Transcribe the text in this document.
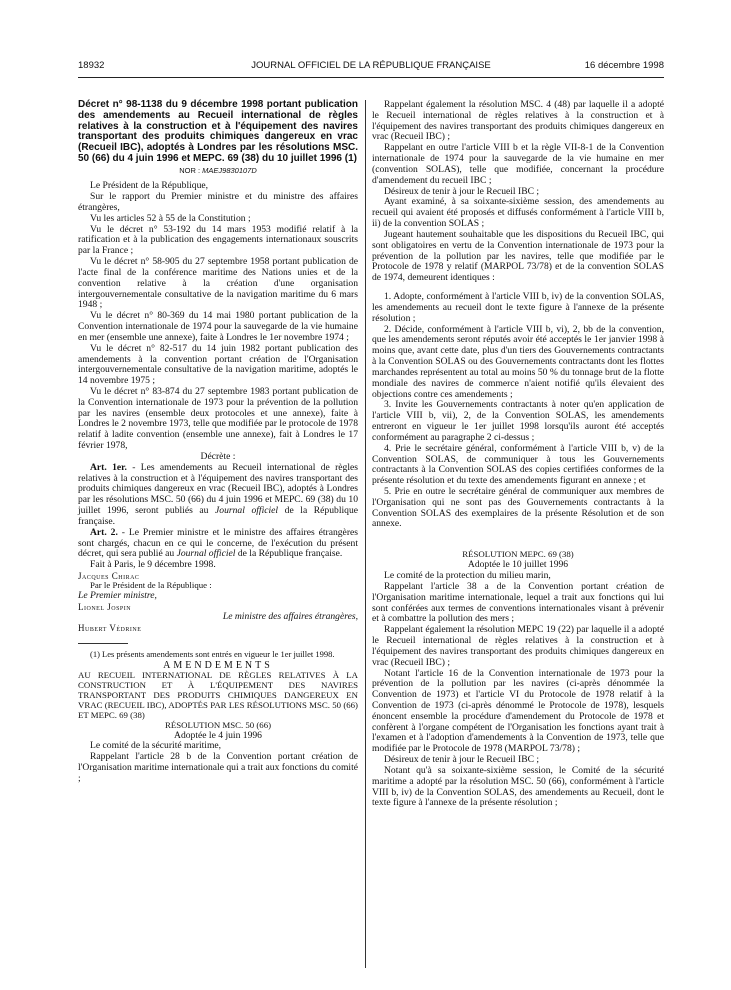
18932	JOURNAL OFFICIEL DE LA RÉPUBLIQUE FRANÇAISE	16 décembre 1998
Décret n° 98-1138 du 9 décembre 1998 portant publication des amendements au Recueil international de règles relatives à la construction et à l'équipement des navires transportant des produits chimiques dangereux en vrac (Recueil IBC), adoptés à Londres par les résolutions MSC. 50 (66) du 4 juin 1996 et MEPC. 69 (38) du 10 juillet 1996 (1)
NOR : MAEJ9830107D

Le Président de la République,

Sur le rapport du Premier ministre et du ministre des affaires étrangères,

Vu les articles 52 à 55 de la Constitution ;

Vu le décret n° 53-192 du 14 mars 1953 modifié relatif à la ratification et à la publication des engagements internationaux souscrits par la France ;

Vu le décret n° 58-905 du 27 septembre 1958 portant publication de l'acte final de la conférence maritime des Nations unies et de la convention relative à la création d'une organisation intergouvernementale consultative de la navigation maritime du 6 mars 1948 ;

Vu le décret n° 80-369 du 14 mai 1980 portant publication de la Convention internationale de 1974 pour la sauvegarde de la vie humaine en mer (ensemble une annexe), faite à Londres le 1er novembre 1974 ;

Vu le décret n° 82-517 du 14 juin 1982 portant publication des amendements à la convention portant création de l'Organisation intergouvernementale consultative de la navigation maritime, adoptés le 14 novembre 1975 ;

Vu le décret n° 83-874 du 27 septembre 1983 portant publication de la Convention internationale de 1973 pour la prévention de la pollution par les navires (ensemble deux protocoles et une annexe), faite à Londres le 2 novembre 1973, telle que modifiée par le protocole de 1978 relatif à ladite convention (ensemble une annexe), fait à Londres le 17 février 1978,

Décrète :

Art. 1er. - Les amendements au Recueil international de règles relatives à la construction et à l'équipement des navires transportant des produits chimiques dangereux en vrac (Recueil IBC), adoptés à Londres par les résolutions MSC. 50 (66) du 4 juin 1996 et MEPC. 69 (38) du 10 juillet 1996, seront publiés au Journal officiel de la République française.

Art. 2. - Le Premier ministre et le ministre des affaires étrangères sont chargés, chacun en ce qui le concerne, de l'exécution du présent décret, qui sera publié au Journal officiel de la République française.

Fait à Paris, le 9 décembre 1998.

Jacques Chirac

Par le Président de la République :

Le Premier ministre,

Lionel Jospin

Le ministre des affaires étrangères,

Hubert Védrine

(1) Les présents amendements sont entrés en vigueur le 1er juillet 1998.

AMENDEMENTS

AU RECUEIL INTERNATIONAL DE RÈGLES RELATIVES À LA CONSTRUCTION ET À L'ÉQUIPEMENT DES NAVIRES TRANSPORTANT DES PRODUITS CHIMIQUES DANGEREUX EN VRAC (RECUEIL IBC), ADOPTÉS PAR LES RÉSOLUTIONS MSC. 50 (66) ET MEPC. 69 (38)

RÉSOLUTION MSC. 50 (66)

Adoptée le 4 juin 1996

Le comité de la sécurité maritime,

Rappelant l'article 28 b de la Convention portant création de l'Organisation maritime internationale qui a trait aux fonctions du comité ;

Rappelant également la résolution MSC. 4 (48) par laquelle il a adopté le Recueil international de règles relatives à la construction et à l'équipement des navires transportant des produits chimiques dangereux en vrac (Recueil IBC) ;

Rappelant en outre l'article VIII b et la règle VII-8-1 de la Convention internationale de 1974 pour la sauvegarde de la vie humaine en mer (convention SOLAS), telle que modifiée, concernant la procédure d'amendement du recueil IBC ;

Désireux de tenir à jour le Recueil IBC ;

Ayant examiné, à sa soixante-sixième session, des amendements au recueil qui avaient été proposés et diffusés conformément à l'article VIII b, ii) de la convention SOLAS ;

Jugeant hautement souhaitable que les dispositions du Recueil IBC, qui sont obligatoires en vertu de la Convention internationale de 1973 pour la prévention de la pollution par les navires, telle que modifiée par le Protocole de 1978 y relatif (MARPOL 73/78) et de la convention SOLAS de 1974, demeurent identiques :

1. Adopte, conformément à l'article VIII b, iv) de la convention SOLAS, les amendements au recueil dont le texte figure à l'annexe de la présente résolution ;

2. Décide, conformément à l'article VIII b, vi), 2, bb de la convention, que les amendements seront réputés avoir été acceptés le 1er janvier 1998 à moins que, avant cette date, plus d'un tiers des Gouvernements contractants à la Convention SOLAS ou des Gouvernements contractants dont les flottes marchandes représentent au total au moins 50 % du tonnage brut de la flotte mondiale des navires de commerce n'aient notifié qu'ils élevaient des objections contre ces amendements ;

3. Invite les Gouvernements contractants à noter qu'en application de l'article VIII b, vii), 2, de la Convention SOLAS, les amendements entreront en vigueur le 1er juillet 1998 lorsqu'ils auront été acceptés conformément au paragraphe 2 ci-dessus ;

4. Prie le secrétaire général, conformément à l'article VIII b, v) de la Convention SOLAS, de communiquer à tous les Gouvernements contractants à la Convention SOLAS des copies certifiées conformes de la présente résolution et du texte des amendements figurant en annexe ; et

5. Prie en outre le secrétaire général de communiquer aux membres de l'Organisation qui ne sont pas des Gouvernements contractants à la Convention SOLAS des exemplaires de la présente Résolution et de son annexe.

RÉSOLUTION MEPC. 69 (38)

Adoptée le 10 juillet 1996

Le comité de la protection du milieu marin,

Rappelant l'article 38 a de la Convention portant création de l'Organisation maritime internationale, lequel a trait aux fonctions qui lui sont conférées aux termes de conventions internationales visant à prévenir et à combattre la pollution des mers ;

Rappelant également la résolution MEPC 19 (22) par laquelle il a adopté le Recueil international de règles relatives à la construction et à l'équipement des navires transportant des produits chimiques dangereux en vrac (Recueil IBC) ;

Notant l'article 16 de la Convention internationale de 1973 pour la prévention de la pollution par les navires (ci-après dénommée la Convention de 1973) et l'article VI du Protocole de 1978 relatif à la Convention de 1973 (ci-après dénommé le Protocole de 1978), lesquels énoncent ensemble la procédure d'amendement du Protocole de 1978 et confèrent à l'organe compétent de l'Organisation les fonctions ayant trait à l'examen et à l'adoption d'amendements à la Convention de 1973, telle que modifiée par le Protocole de 1978 (MARPOL 73/78) ;

Désireux de tenir à jour le Recueil IBC ;

Notant qu'à sa soixante-sixième session, le Comité de la sécurité maritime a adopté par la résolution MSC. 50 (66), conformément à l'article VIII b, iv) de la Convention SOLAS, des amendements au Recueil, dont le texte figure à l'annexe de la présente résolution ;
